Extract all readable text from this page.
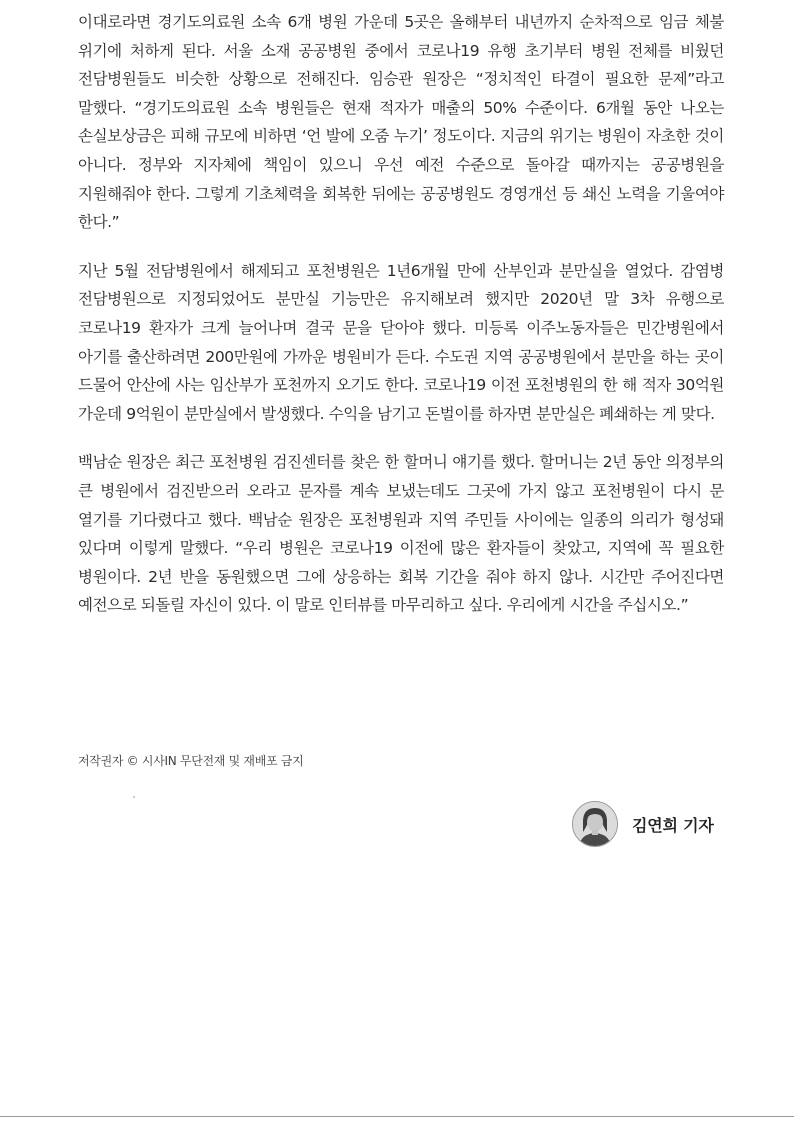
이대로라면 경기도의료원 소속 6개 병원 가운데 5곳은 올해부터 내년까지 순차적으로 임금 체불 위기에 처하게 된다. 서울 소재 공공병원 중에서 코로나19 유행 초기부터 병원 전체를 비웠던 전담병원들도 비슷한 상황으로 전해진다. 임승관 원장은 “정치적인 타결이 필요한 문제”라고 말했다. “경기도의료원 소속 병원들은 현재 적자가 매출의 50% 수준이다. 6개월 동안 나오는 손실보상금은 피해 규모에 비하면 ‘언 발에 오줌 누기’ 정도이다. 지금의 위기는 병원이 자초한 것이 아니다. 정부와 지자체에 책임이 있으니 우선 예전 수준으로 돌아갈 때까지는 공공병원을 지원해줘야 한다. 그렇게 기초체력을 회복한 뒤에는 공공병원도 경영개선 등 쇄신 노력을 기울여야 한다.”

지난 5월 전담병원에서 해제되고 포천병원은 1년6개월 만에 산부인과 분만실을 열었다. 감염병 전담병원으로 지정되었어도 분만실 기능만은 유지해보려 했지만 2020년 말 3차 유행으로 코로나19 환자가 크게 늘어나며 결국 문을 닫아야 했다. 미등록 이주노동자들은 민간병원에서 아기를 출산하려면 200만원에 가까운 병원비가 든다. 수도권 지역 공공병원에서 분만을 하는 곳이 드물어 안산에 사는 임산부가 포천까지 오기도 한다. 코로나19 이전 포천병원의 한 해 적자 30억원 가운데 9억원이 분만실에서 발생했다. 수익을 남기고 돈벌이를 하자면 분만실은 폐쇄하는 게 맞다.

백남순 원장은 최근 포천병원 검진센터를 찾은 한 할머니 얘기를 했다. 할머니는 2년 동안 의정부의 큰 병원에서 검진받으러 오라고 문자를 계속 보냈는데도 그곳에 가지 않고 포천병원이 다시 문 열기를 기다렸다고 했다. 백남순 원장은 포천병원과 지역 주민들 사이에는 일종의 의리가 형성돼 있다며 이렇게 말했다. “우리 병원은 코로나19 이전에 많은 환자들이 찾았고, 지역에 꼭 필요한 병원이다. 2년 반을 동원했으면 그에 상응하는 회복 기간을 줘야 하지 않나. 시간만 주어진다면 예전으로 되돌릴 자신이 있다. 이 말로 인터뷰를 마무리하고 싶다. 우리에게 시간을 주십시오.”

저작권자 © 시사IN 무단전재 및 재배포 금지
김연희 기자
